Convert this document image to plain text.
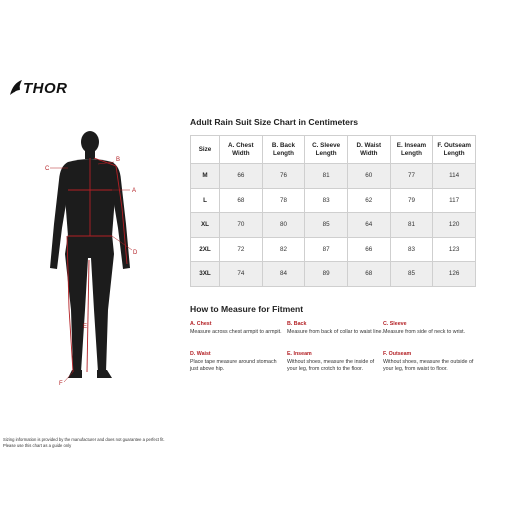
THOR
A
B
C
D
E
F
Adult Rain Suit Size Chart in Centimeters
Size	A. Chest Width	B. Back Length	C. Sleeve Length	D. Waist Width	E. Inseam Length	F. Outseam Length
M	66	76	81	60	77	114
L	68	78	83	62	79	117
XL	70	80	85	64	81	120
2XL	72	82	87	66	83	123
3XL	74	84	89	68	85	126
How to Measure for Fitment
A. Chest
Measure across chest armpit to armpit.
B. Back
Measure from back of collar to waist line.
C. Sleeve
Measure from side of neck to wrist.
D. Waist
Place tape measure around stomach just above hip.
E. Inseam
Without shoes, measure the inside of your leg, from crotch to the floor.
F. Outseam
Without shoes, measure the outside of your leg, from waist to floor.
Sizing information is provided by the manufacturer and does not guarantee a perfect fit.
Please use this chart as a guide only
